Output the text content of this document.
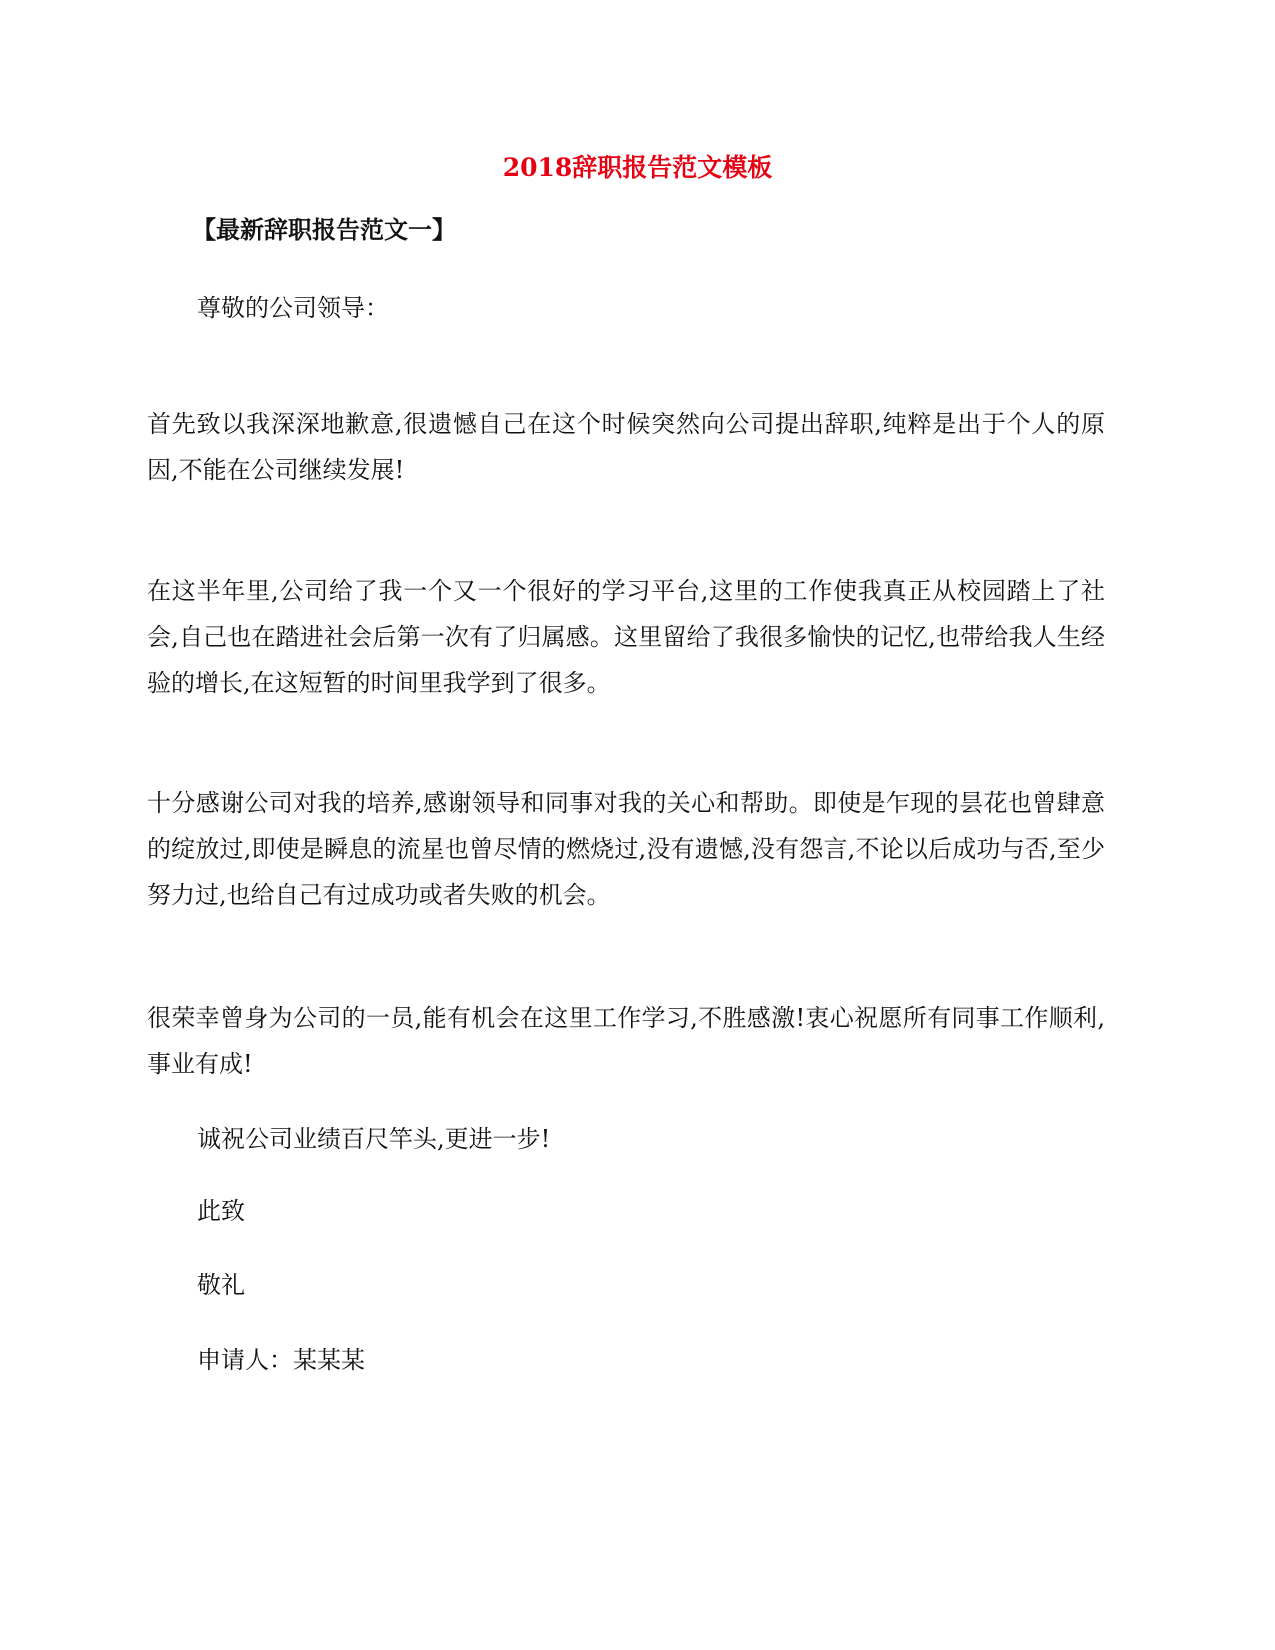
2018辞职报告范文模板
【最新辞职报告范文一】
尊敬的公司领导：
首先致以我深深地歉意,很遗憾自己在这个时候突然向公司提出辞职,纯粹是出于个人的原因,不能在公司继续发展!
在这半年里,公司给了我一个又一个很好的学习平台,这里的工作使我真正从校园踏上了社会,自己也在踏进社会后第一次有了归属感。这里留给了我很多愉快的记忆,也带给我人生经验的增长,在这短暂的时间里我学到了很多。
十分感谢公司对我的培养,感谢领导和同事对我的关心和帮助。即使是乍现的昙花也曾肆意的绽放过,即使是瞬息的流星也曾尽情的燃烧过,没有遗憾,没有怨言,不论以后成功与否,至少努力过,也给自己有过成功或者失败的机会。
很荣幸曾身为公司的一员,能有机会在这里工作学习,不胜感激!衷心祝愿所有同事工作顺利,事业有成!
诚祝公司业绩百尺竿头,更进一步!
此致
敬礼
申请人：某某某
